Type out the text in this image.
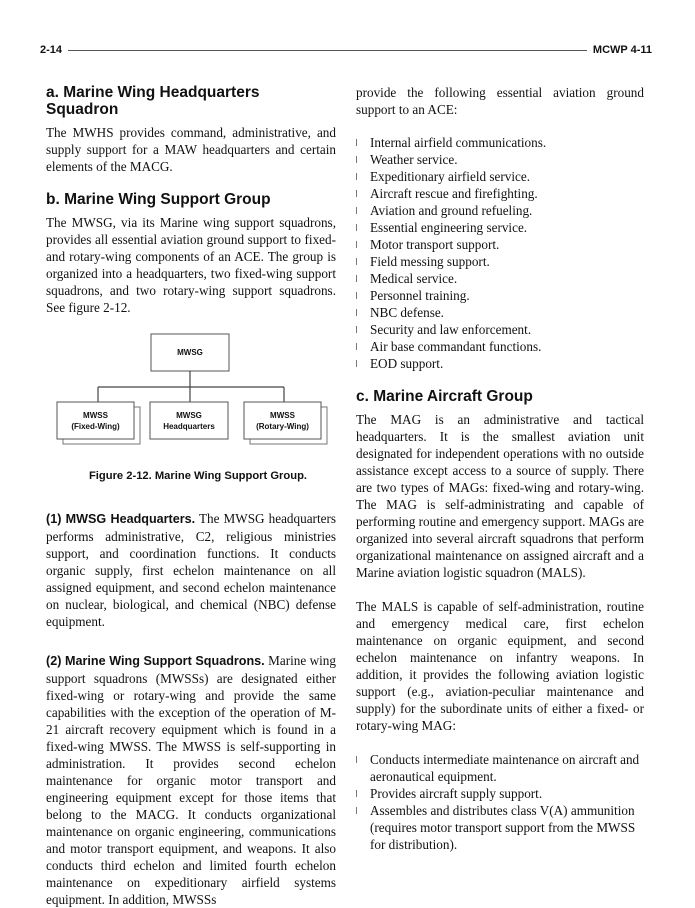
2-14	MCWP 4-11
a. Marine Wing Headquarters
Squadron

The MWHS provides command, administrative, and supply support for a MAW headquarters and certain elements of the MACG.

b. Marine Wing Support Group

The MWSG, via its Marine wing support squadrons, provides all essential aviation ground support to fixed- and rotary-wing components of an ACE. The group is organized into a headquarters, two fixed-wing support squadrons, and two rotary-wing support squadrons. See figure 2-12.

MWSG
MWSS
(Fixed-Wing)
MWSG
Headquarters
MWSS
(Rotary-Wing)
Figure 2-12. Marine Wing Support Group.

(1) MWSG Headquarters. The MWSG headquarters performs administrative, C2, religious ministries support, and coordination functions. It conducts organic supply, first echelon maintenance on all assigned equipment, and second echelon maintenance on nuclear, biological, and chemical (NBC) defense equipment.

(2) Marine Wing Support Squadrons. Marine wing support squadrons (MWSSs) are designated either fixed-wing or rotary-wing and provide the same capabilities with the exception of the operation of M-21 aircraft recovery equipment which is found in a fixed-wing MWSS. The MWSS is self-supporting in administration. It provides second echelon maintenance for organic motor transport and engineering equipment except for those items that belong to the MACG. It conducts organizational maintenance on organic engineering, communications and motor transport equipment, and weapons. It also conducts third echelon and limited fourth echelon maintenance on expeditionary airfield systems equipment. In addition, MWSSs

provide the following essential aviation ground support to an ACE:

Internal airfield communications.
Weather service.
Expeditionary airfield service.
Aircraft rescue and firefighting.
Aviation and ground refueling.
Essential engineering service.
Motor transport support.
Field messing support.
Medical service.
Personnel training.
NBC defense.
Security and law enforcement.
Air base commandant functions.
EOD support.
c. Marine Aircraft Group

The MAG is an administrative and tactical headquarters. It is the smallest aviation unit designated for independent operations with no outside assistance except access to a source of supply. There are two types of MAGs: fixed-wing and rotary-wing. The MAG is self-administrating and capable of performing routine and emergency support. MAGs are organized into several aircraft squadrons that perform organizational maintenance on assigned aircraft and a Marine aviation logistic squadron (MALS).

The MALS is capable of self-administration, routine and emergency medical care, first echelon maintenance on organic equipment, and second echelon maintenance on infantry weapons. In addition, it provides the following aviation logistic support (e.g., aviation-peculiar maintenance and supply) for the subordinate units of either a fixed- or rotary-wing MAG:

Conducts intermediate maintenance on aircraft and aeronautical equipment.
Provides aircraft supply support.
Assembles and distributes class V(A) ammunition (requires motor transport support from the MWSS for distribution).
